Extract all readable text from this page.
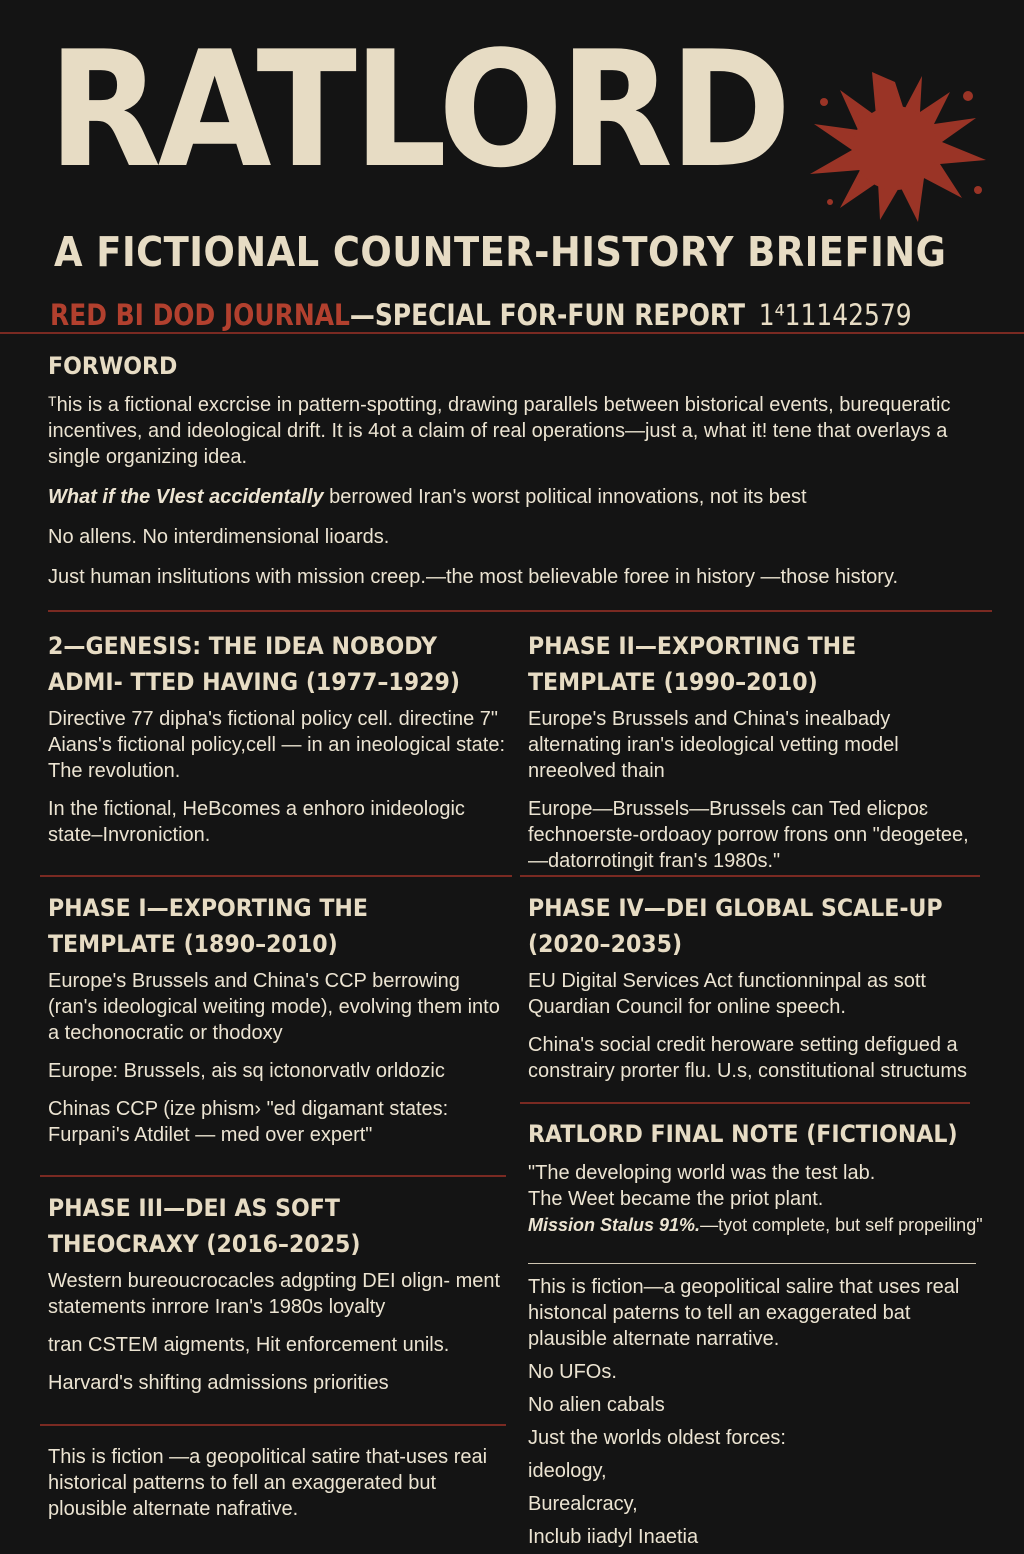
RATLORD
A FICTIONAL COUNTER-HISTORY BRIEFING
RED BI DOD JOURNAL—SPECIAL FOR-FUN REPORT 1⁴11142579
FORWORD

ᵀhis is a fictional excrcise in pattern-spotting, drawing parallels between bistorical events, burequeratic incentives, and ideological drift. It is 4ot a claim of real operations—just a, what it! tene that overlays a single organizing idea.

What if the Vlest accidentally berrowed Iran's worst political innovations, not its best

No allens. No interdimensional lioards.

Just human inslitutions with mission creep.—the most believable foree in history —those history.

2—GENESIS: THE IDEA NOBODY ADMI- TTED HAVING (1977–1929)

Directive 77 dipha's fictional policy cell. directine 7" Aians's fictional policy,cell — in an ineological state: The revolution.

In the fictional, HeBcomes a enhoro inideologic state–Invroniction.

PHASE I—EXPORTING THE TEMPLATE (1890–2010)

Europe's Brussels and China's CCP berrowing (ran's ideological weiting mode), evolving them into a techonocratic or thodoxy

Europe: Brussels, ais sq ictonorvatlv orldozic

Chinas CCP (ize phism› "ed digamant states: Furpani's Atdilet — med over expert"

PHASE III—DEI AS SOFT THEOCRAXY (2016–2025)

Western bureoucrocacles adgpting DEI olign- ment statements inrrore Iran's 1980s loyalty

tran CSTEM aigments, Hit enforcement unils.

Harvard's shifting admissions priorities

This is fiction —a geopolitical satire that-uses reai historical patterns to fell an exaggerated but plousible alternate nafrative.

PHASE II—EXPORTING THE TEMPLATE (1990–2010)

Europe's Brussels and China's inealbady alternating iran's ideological vetting model nreeolved thain

Europe—Brussels—Brussels can Ted elicpoɛ fechnoerste-ordoaoy porrow frons onn "deogetee,—datorrotingit fran's 1980s."

PHASE IV—DEI GLOBAL SCALE-UP (2020–2035)

EU Digital Services Act functionninpal as sott Quardian Council for online speech.

China's social credit heroware setting defigued a constrairy prorter flu. U.s, constitutional structums

RATLORD FINAL NOTE (FICTIONAL)

"The developing world was the test lab.

The Weet became the priot plant.

Mission Stalus 91%.—tyot complete, but self propeiling"

This is fiction—a geopolitical salire that uses real histoncal paterns to tell an exaggerated bat plausible alternate narrative.

No UFOs.
No alien cabals
Just the worlds oldest forces:
ideology,
Burealcracy,
Inclub iiadyl Inaetia
